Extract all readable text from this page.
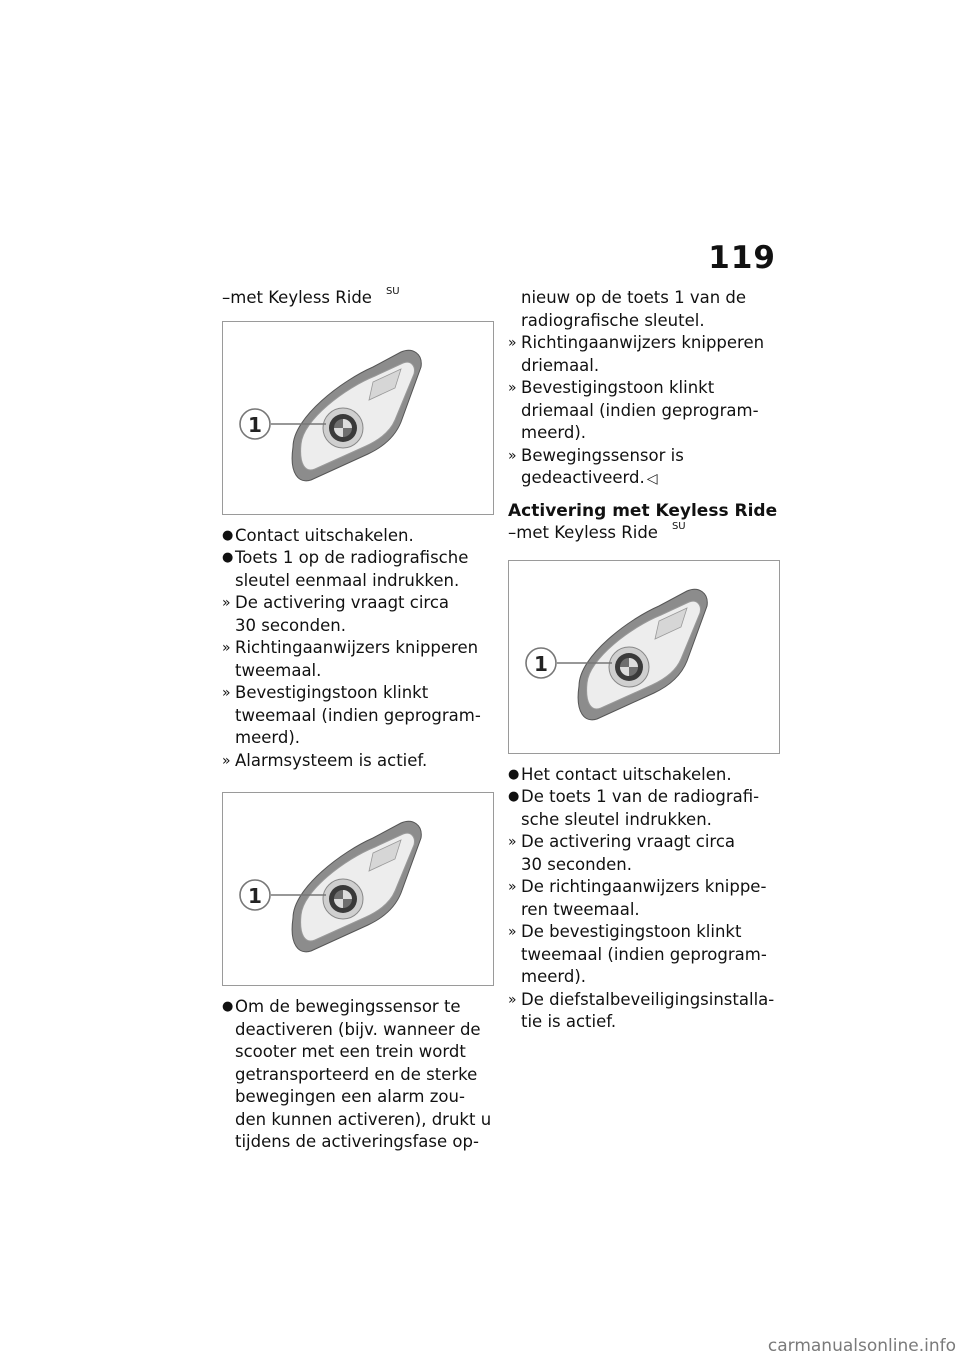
119
–met Keyless Ride $^{SU}$
1
● Contact uitschakelen.
● Toets 1 op de radiografische
sleutel eenmaal indrukken.
» De activering vraagt circa
30 seconden.
» Richtingaanwijzers knipperen
tweemaal.
» Bevestigingstoon klinkt
tweemaal (indien geprogram-
meerd).
» Alarmsysteem is actief.
1
● Om de bewegingssensor te
deactiveren (bijv. wanneer de
scooter met een trein wordt
getransporteerd en de sterke
bewegingen een alarm zou-
den kunnen activeren), drukt u
tijdens de activeringsfase op-
nieuw op de toets 1 van de
radiografische sleutel.
» Richtingaanwijzers knipperen
driemaal.
» Bevestigingstoon klinkt
driemaal (indien geprogram-
meerd).
» Bewegingssensor is
gedeactiveerd. ◁
Activering met Keyless Ride
–met Keyless Ride $^{SU}$
1
● Het contact uitschakelen.
● De toets 1 van de radiografi-
sche sleutel indrukken.
» De activering vraagt circa
30 seconden.
» De richtingaanwijzers knippe-
ren tweemaal.
» De bevestigingstoon klinkt
tweemaal (indien geprogram-
meerd).
» De diefstalbeveiligingsinstalla-
tie is actief.
carmanualsonline.info
